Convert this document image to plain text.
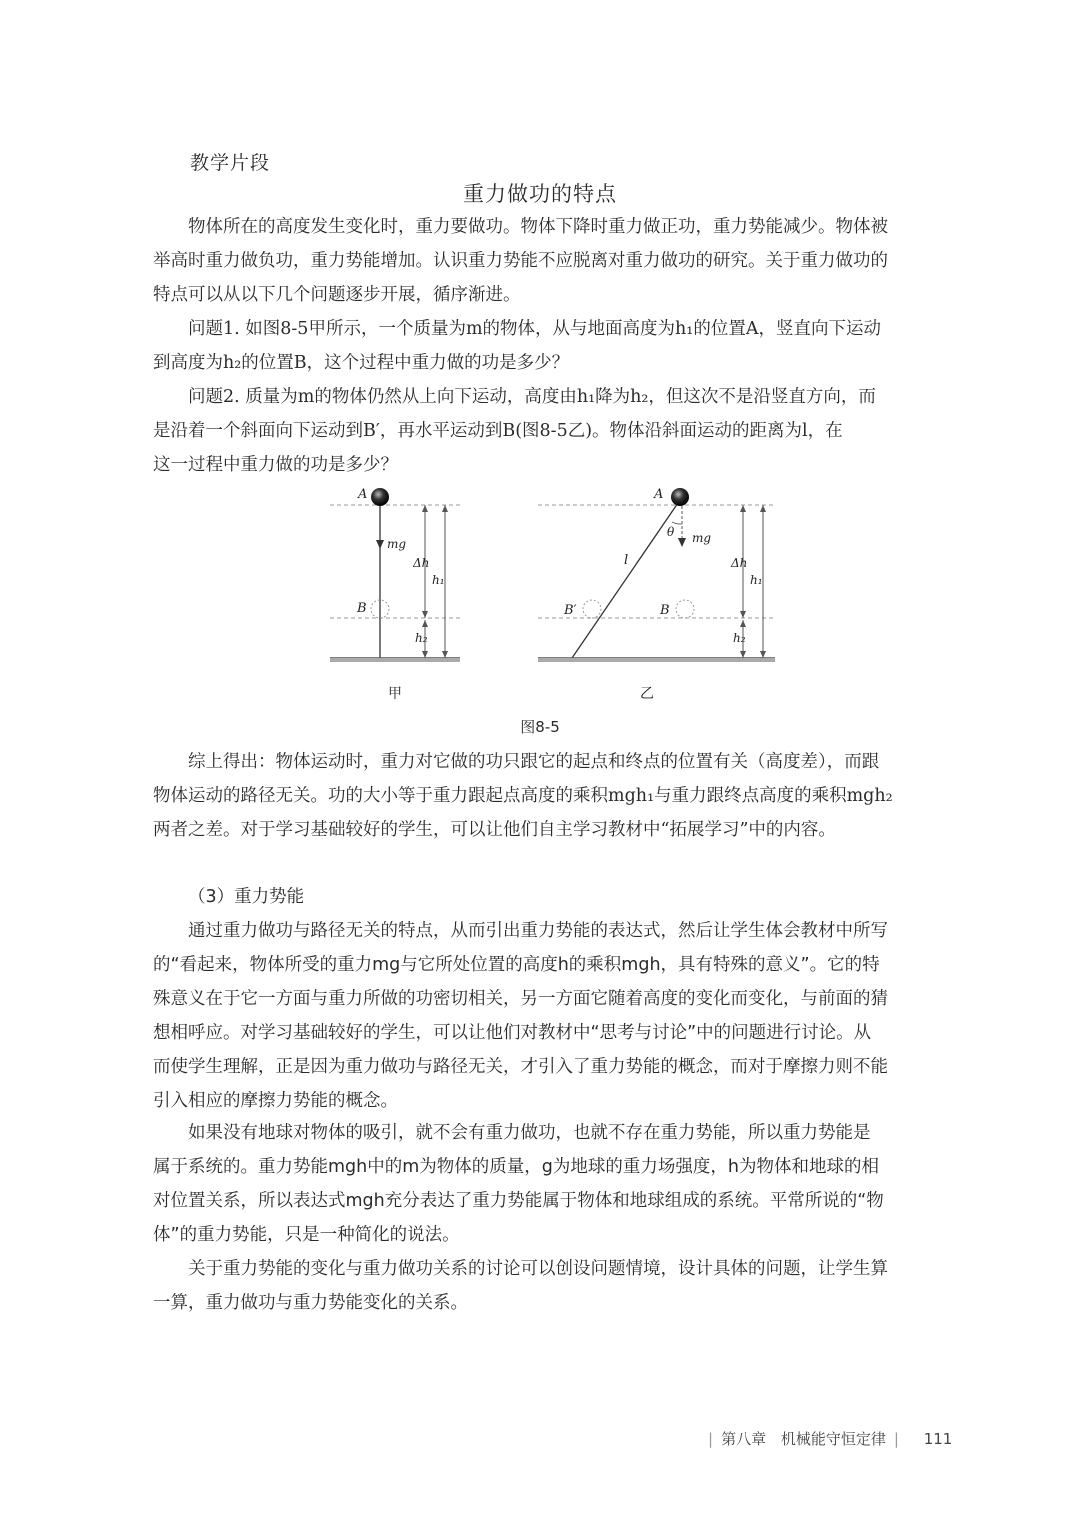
教学片段
重力做功的特点
物体所在的高度发生变化时，重力要做功。物体下降时重力做正功，重力势能减少。物体被
举高时重力做负功，重力势能增加。认识重力势能不应脱离对重力做功的研究。关于重力做功的
特点可以从以下几个问题逐步开展，循序渐进。
问题1. 如图8-5甲所示，一个质量为m的物体，从与地面高度为h₁的位置A，竖直向下运动
到高度为h₂的位置B，这个过程中重力做的功是多少？
问题2. 质量为m的物体仍然从上向下运动，高度由h₁降为h₂，但这次不是沿竖直方向，而
是沿着一个斜面向下运动到B′，再水平运动到B(图8-5乙)。物体沿斜面运动的距离为l，在
这一过程中重力做的功是多少？
A
B
mg
Δh
h₁
h₂
甲
θ mg
l
A
B′	B
Δh
h₁
h₂
乙
图8-5
综上得出：物体运动时，重力对它做的功只跟它的起点和终点的位置有关（高度差），而跟
物体运动的路径无关。功的大小等于重力跟起点高度的乘积mgh₁与重力跟终点高度的乘积mgh₂
两者之差。对于学习基础较好的学生，可以让他们自主学习教材中“拓展学习”中的内容。
（3）重力势能
通过重力做功与路径无关的特点，从而引出重力势能的表达式，然后让学生体会教材中所写
的“看起来，物体所受的重力mg与它所处位置的高度h的乘积mgh，具有特殊的意义”。它的特
殊意义在于它一方面与重力所做的功密切相关，另一方面它随着高度的变化而变化，与前面的猜
想相呼应。对学习基础较好的学生，可以让他们对教材中“思考与讨论”中的问题进行讨论。从
而使学生理解，正是因为重力做功与路径无关，才引入了重力势能的概念，而对于摩擦力则不能
引入相应的摩擦力势能的概念。
如果没有地球对物体的吸引，就不会有重力做功，也就不存在重力势能，所以重力势能是
属于系统的。重力势能mgh中的m为物体的质量，g为地球的重力场强度，h为物体和地球的相
对位置关系，所以表达式mgh充分表达了重力势能属于物体和地球组成的系统。平常所说的“物
体”的重力势能，只是一种简化的说法。
关于重力势能的变化与重力做功关系的讨论可以创设问题情境，设计具体的问题，让学生算
一算，重力做功与重力势能变化的关系。
| 第八章 机械能守恒定律 | 111
